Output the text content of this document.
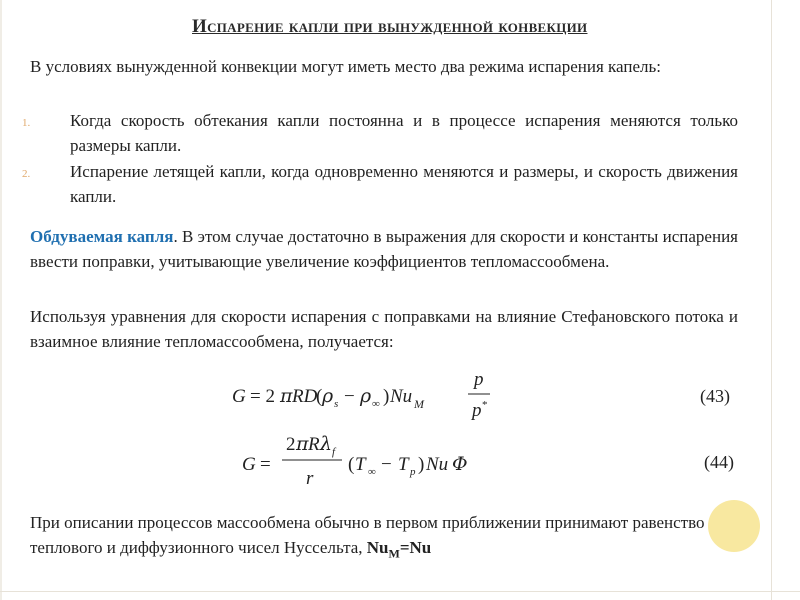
Испарение капли при вынужденной конвекции
В условиях вынужденной конвекции могут иметь место два режима испарения капель:
1. Когда скорость обтекания капли постоянна и в процессе испарения меняются только размеры капли.
2. Испарение летящей капли, когда одновременно меняются и размеры, и скорость движения капли.
Обдуваемая капля. В этом случае достаточно в выражения для скорости и константы испарения ввести поправки, учитывающие увеличение коэффициентов тепломассообмена.
Используя уравнения для скорости испарения с поправками на влияние Стефановского потока и взаимное влияние тепломассообмена, получается:
G = 2 π RD
( ρ s − ρ ∞ ) Nu M
p
p *	(43)
G =
2 π R λ f
r
( T ∞ − T p ) Nu Φ	(44)
При описании процессов массообмена обычно в первом приближении принимают равенство теплового и диффузионного чисел Нуссельта, $Nu_M=Nu$
